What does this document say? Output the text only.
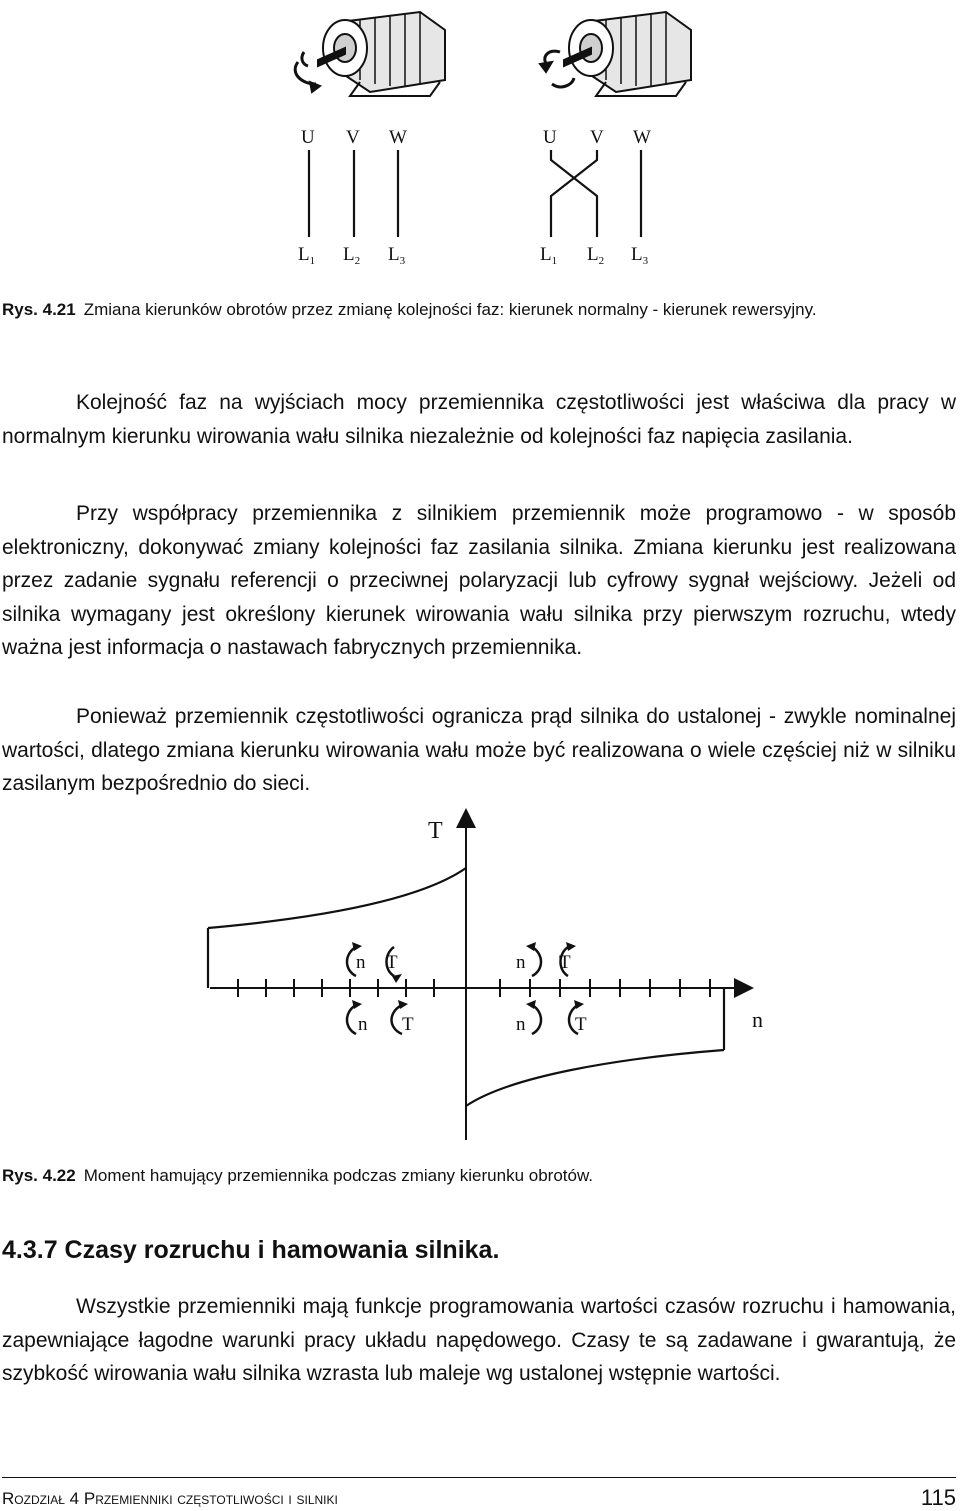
U V W
$L_1$ $L_2$ $L_3$
U V W
$L_1$ $L_2$ $L_3$
Rys. 4.21 Zmiana kierunków obrotów przez zmianę kolejności faz: kierunek normalny - kierunek rewersyjny.

Kolejność faz na wyjściach mocy przemiennika częstotliwości jest właściwa dla pracy w normalnym kierunku wirowania wału silnika niezależnie od kolejności faz napięcia zasilania.

Przy współpracy przemiennika z silnikiem przemiennik może programowo - w sposób elektroniczny, dokonywać zmiany kolejności faz zasilania silnika. Zmiana kierunku jest realizowana przez zadanie sygnału referencji o przeciwnej polaryzacji lub cyfrowy sygnał wejściowy. Jeżeli od silnika wymagany jest określony kierunek wirowania wału silnika przy pierwszym rozruchu, wtedy ważna jest informacja o nastawach fabrycznych przemiennika.

Ponieważ przemiennik częstotliwości ogranicza prąd silnika do ustalonej - zwykle nominalnej wartości, dlatego zmiana kierunku wirowania wału może być realizowana o wiele częściej niż w silniku zasilanym bezpośrednio do sieci.

T
n
n T	n T
n T	n	T
Rys. 4.22 Moment hamujący przemiennika podczas zmiany kierunku obrotów.
4.3.7 Czasy rozruchu i hamowania silnika.

Wszystkie przemienniki mają funkcje programowania wartości czasów rozruchu i hamowania, zapewniające łagodne warunki pracy układu napędowego. Czasy te są zadawane i gwarantują, że szybkość wirowania wału silnika wzrasta lub maleje wg ustalonej wstępnie wartości.

Rozdział 4 Przemienniki częstotliwości i silniki	115
